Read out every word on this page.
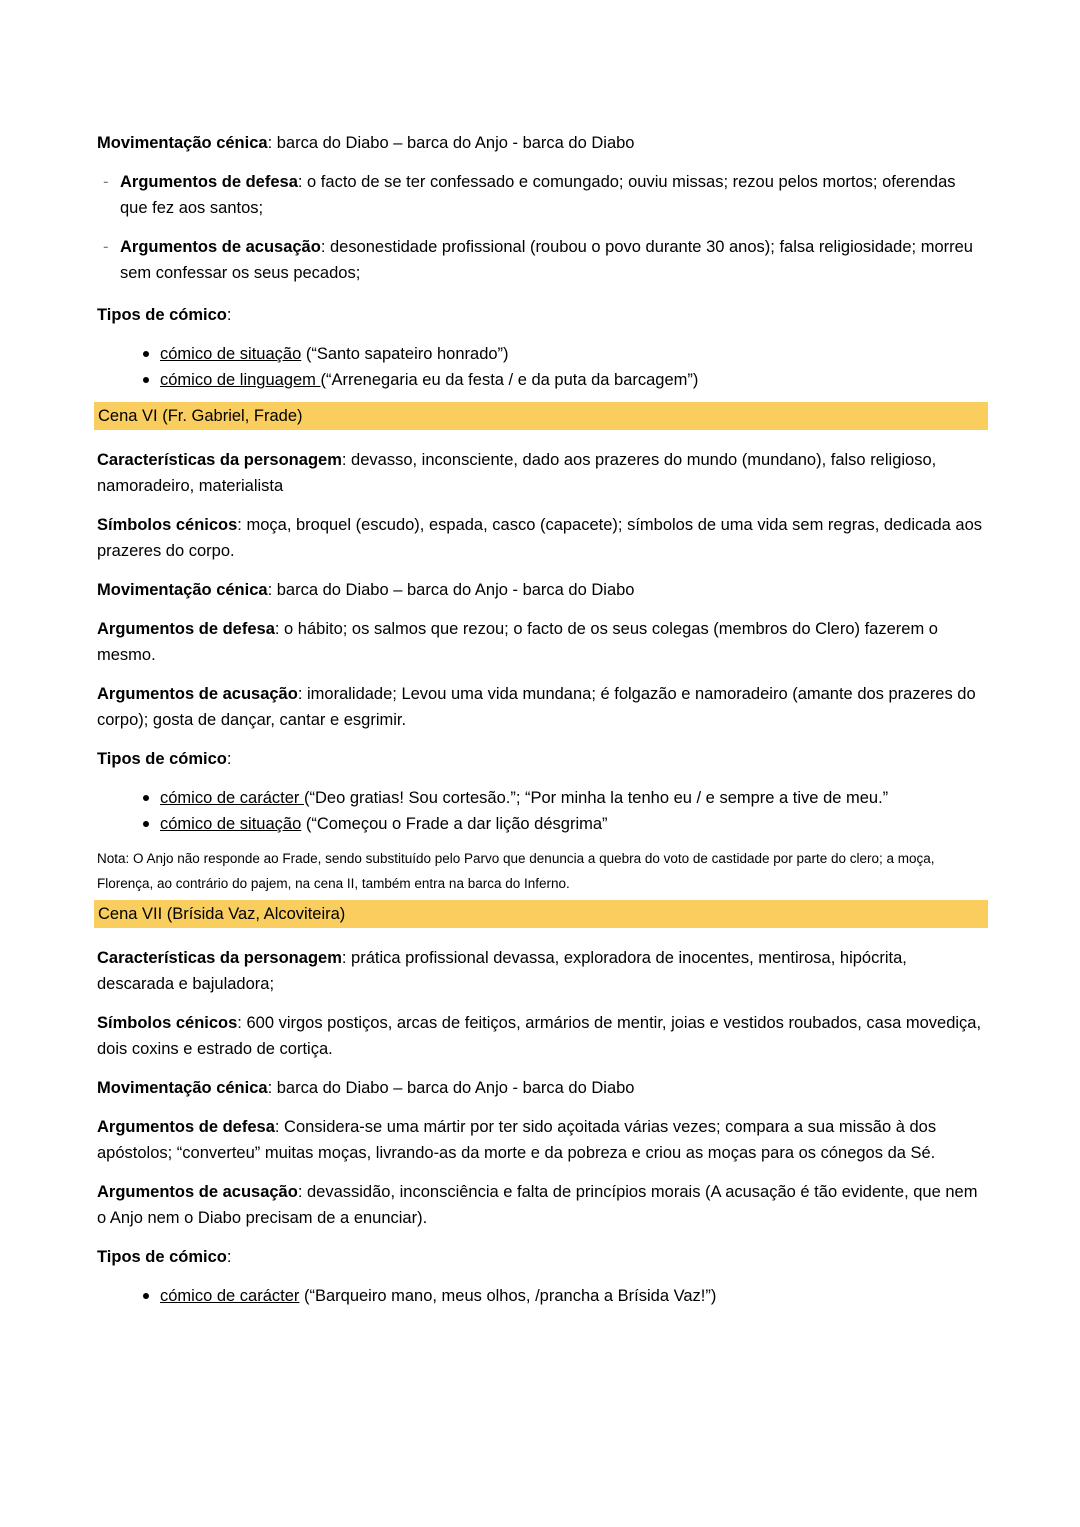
Movimentação cénica: barca do Diabo – barca do Anjo - barca do Diabo

- Argumentos de defesa: o facto de se ter confessado e comungado; ouviu missas; rezou pelos mortos; oferendas que fez aos santos;
- Argumentos de acusação: desonestidade profissional (roubou o povo durante 30 anos); falsa religiosidade; morreu sem confessar os seus pecados;

Tipos de cómico:

cómico de situação (“Santo sapateiro honrado”)
cómico de linguagem (“Arrenegaria eu da festa / e da puta da barcagem”)
Cena VI (Fr. Gabriel, Frade)

Características da personagem: devasso, inconsciente, dado aos prazeres do mundo (mundano), falso religioso, namoradeiro, materialista

Símbolos cénicos: moça, broquel (escudo), espada, casco (capacete); símbolos de uma vida sem regras, dedicada aos prazeres do corpo.

Movimentação cénica: barca do Diabo – barca do Anjo - barca do Diabo

Argumentos de defesa: o hábito; os salmos que rezou; o facto de os seus colegas (membros do Clero) fazerem o mesmo.

Argumentos de acusação: imoralidade; Levou uma vida mundana; é folgazão e namoradeiro (amante dos prazeres do corpo); gosta de dançar, cantar e esgrimir.

Tipos de cómico:

cómico de carácter (“Deo gratias! Sou cortesão.”; “Por minha la tenho eu / e sempre a tive de meu.”
cómico de situação (“Começou o Frade a dar lição désgrima”

Nota: O Anjo não responde ao Frade, sendo substituído pelo Parvo que denuncia a quebra do voto de castidade por parte do clero; a moça, Florença, ao contrário do pajem, na cena II, também entra na barca do Inferno.

Cena VII (Brísida Vaz, Alcoviteira)

Características da personagem: prática profissional devassa, exploradora de inocentes, mentirosa, hipócrita, descarada e bajuladora;

Símbolos cénicos: 600 virgos postiços, arcas de feitiços, armários de mentir, joias e vestidos roubados, casa movediça, dois coxins e estrado de cortiça.

Movimentação cénica: barca do Diabo – barca do Anjo - barca do Diabo

Argumentos de defesa: Considera-se uma mártir por ter sido açoitada várias vezes; compara a sua missão à dos apóstolos; “converteu” muitas moças, livrando-as da morte e da pobreza e criou as moças para os cónegos da Sé.

Argumentos de acusação: devassidão, inconsciência e falta de princípios morais (A acusação é tão evidente, que nem o Anjo nem o Diabo precisam de a enunciar).

Tipos de cómico:

cómico de carácter (“Barqueiro mano, meus olhos, /prancha a Brísida Vaz!”)
